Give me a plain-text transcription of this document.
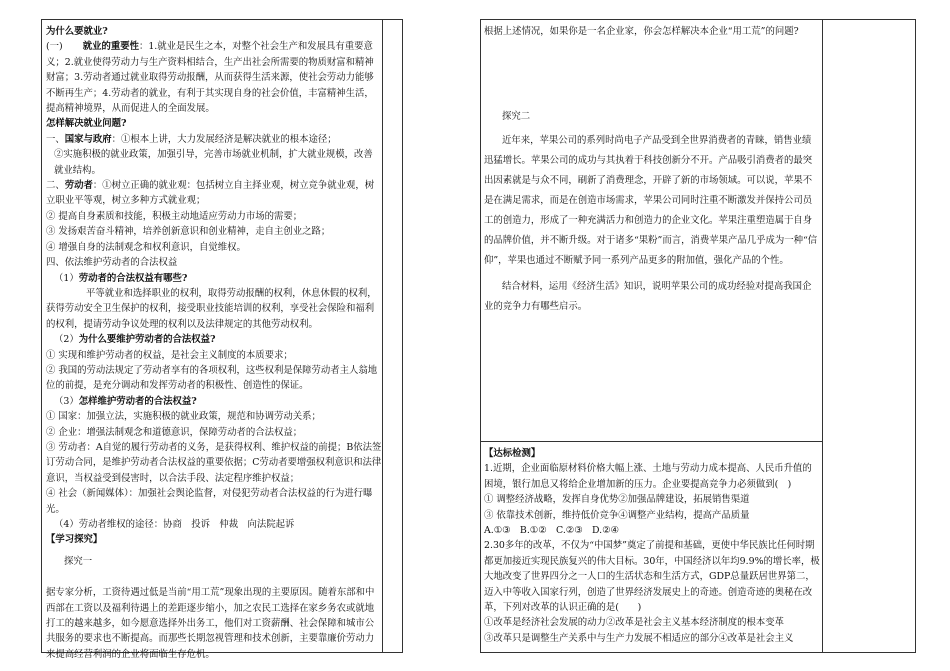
为什么要就业?

(一) 就业的重要性：1.就业是民生之本，对整个社会生产和发展具有重要意义；2.就业使得劳动力与生产资料相结合，生产出社会所需要的物质财富和精神财富；3.劳动者通过就业取得劳动报酬，从而获得生活来源，使社会劳动力能够不断再生产；4.劳动者的就业，有利于其实现自身的社会价值，丰富精神生活，提高精神境界，从而促进人的全面发展。

怎样解决就业问题?

一、国家与政府：①根本上讲，大力发展经济是解决就业的根本途径；

②实施积极的就业政策，加强引导，完善市场就业机制，扩大就业规模，改善就业结构。

二、劳动者：①树立正确的就业观：包括树立自主择业观，树立竞争就业观，树立职业平等观，树立多种方式就业观；

② 提高自身素质和技能，积极主动地适应劳动力市场的需要；

③ 发扬艰苦奋斗精神，培养创新意识和创业精神，走自主创业之路；

④ 增强自身的法制观念和权利意识，自觉维权。

四、依法维护劳动者的合法权益

（1）劳动者的合法权益有哪些?

平等就业和选择职业的权利，取得劳动报酬的权利，休息休假的权利，获得劳动安全卫生保护的权利，接受职业技能培训的权利，享受社会保险和福利的权利，提请劳动争议处理的权利以及法律规定的其他劳动权利。

（2）为什么要维护劳动者的合法权益?

① 实现和维护劳动者的权益，是社会主义制度的本质要求；

② 我国的劳动法规定了劳动者享有的各项权利，这些权利是保障劳动者主人翁地位的前提，是充分调动和发挥劳动者的积极性、创造性的保证。

（3）怎样维护劳动者的合法权益?

① 国家：加强立法，实施积极的就业政策，规范和协调劳动关系；

② 企业：增强法制观念和道德意识，保障劳动者的合法权益；

③ 劳动者：A自觉的履行劳动者的义务，是获得权利、维护权益的前提；B依法签订劳动合同，是维护劳动者合法权益的重要依据；C劳动者要增强权利意识和法律意识，当权益受到侵害时，以合法手段、法定程序维护权益；

④ 社会（新闻媒体）：加强社会舆论监督，对侵犯劳动者合法权益的行为进行曝光。

（4）劳动者维权的途径：协商　投诉　仲裁　向法院起诉

【学习探究】

探究一

据专家分析，工资待遇过低是当前“用工荒”现象出现的主要原因。随着东部和中西部在工资以及福利待遇上的差距逐步缩小，加之农民工选择在家乡务农或就地打工的越来越多，如今愿意选择外出务工，他们对工资薪酬、社会保障和城市公共服务的要求也不断提高。而那些长期忽视管理和技术创新，主要靠廉价劳动力来提高经营利润的企业将面临生存危机。

根据上述情况，如果你是一名企业家，你会怎样解决本企业“用工荒”的问题?

探究二

近年来，苹果公司的系列时尚电子产品受到全世界消费者的青睐，销售业绩迅猛增长。苹果公司的成功与其执着于科技创新分不开。产品吸引消费者的最突出因素就是与众不同，刷新了消费理念，开辟了新的市场领域。可以说，苹果不是在满足需求，而是在创造市场需求，苹果公司同时注重不断激发并保持公司员工的创造力，形成了一种充满活力和创造力的企业文化。苹果注重塑造属于自身的品牌价值，并不断升级。对于诸多“果粉”而言，消费苹果产品几乎成为一种“信仰”，苹果也通过不断赋予同一系列产品更多的附加值，强化产品的个性。

结合材料，运用《经济生活》知识，说明苹果公司的成功经验对提高我国企业的竞争力有哪些启示。

【达标检测】

1.近期，企业面临原材料价格大幅上涨、土地与劳动力成本提高、人民币升值的困境，银行加息又将给企业增加新的压力。企业要提高竞争力必须做到(　)

① 调整经济战略，发挥自身优势②加强品牌建设，拓展销售渠道

③ 依靠技术创新，维持低价竞争④调整产业结构，提高产品质量

A.①③　B.①②　C.②③　D.②④

2.30多年的改革，不仅为“中国梦”奠定了前提和基础，更使中华民族比任何时期都更加接近实现民族复兴的伟大目标。30年，中国经济以年均9.9%的增长率，极大地改变了世界四分之一人口的生活状态和生活方式，GDP总量跃居世界第二，迈入中等收入国家行列，创造了世界经济发展史上的奇迹。创造奇迹的奥秘在改革，下列对改革的认识正确的是(　　)

①改革是经济社会发展的动力②改革是社会主义基本经济制度的根本变革

③改革只是调整生产关系中与生产力发展不相适应的部分④改革是社会主义
